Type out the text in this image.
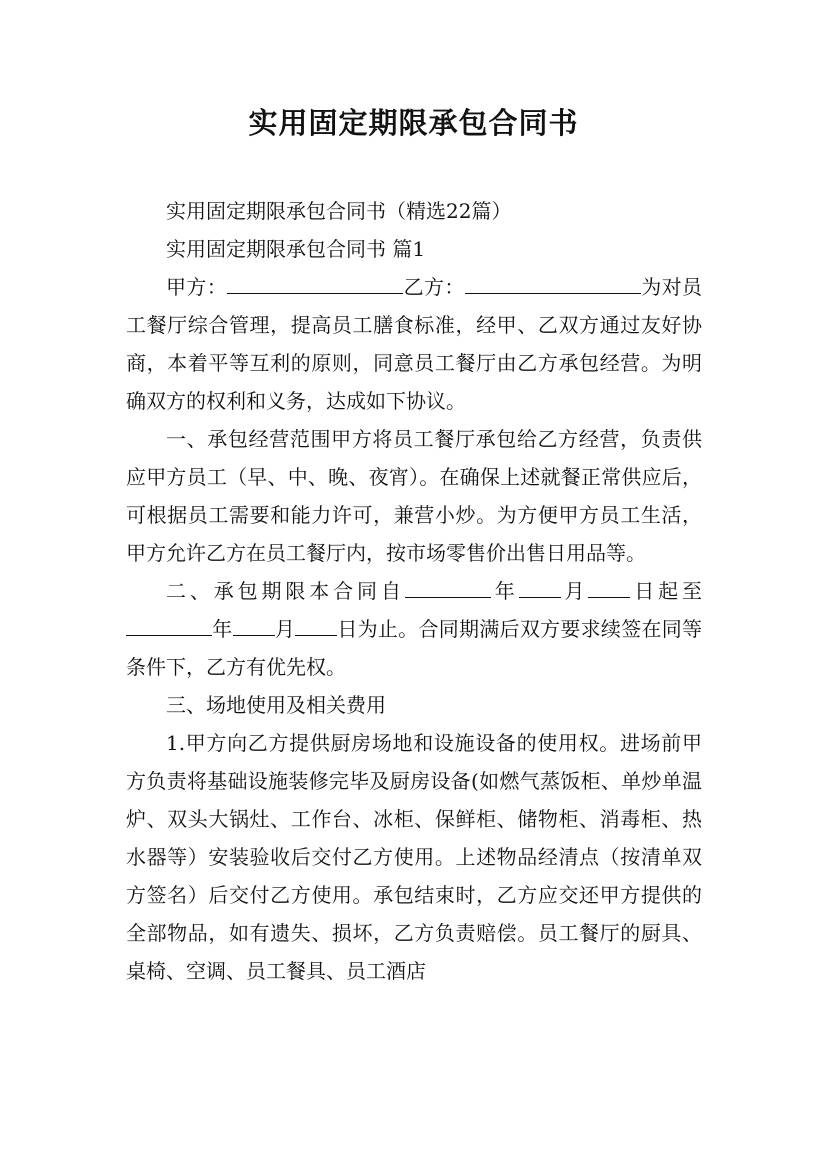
实用固定期限承包合同书

实用固定期限承包合同书（精选22篇）

实用固定期限承包合同书 篇1

甲方：	乙方：	为对员工餐厅综合管理，提高员工膳食标准，经甲、乙双方通过友好协商，本着平等互利的原则，同意员工餐厅由乙方承包经营。为明确双方的权利和义务，达成如下协议。

一、承包经营范围甲方将员工餐厅承包给乙方经营，负责供应甲方员工（早、中、晚、夜宵）。在确保上述就餐正常供应后，可根据员工需要和能力许可，兼营小炒。为方便甲方员工生活，甲方允许乙方在员工餐厅内，按市场零售价出售日用品等。

二、承包期限本合同自	年 月 日起至年 月 日为止。合同期满后双方要求续签在同等条件下，乙方有优先权。

三、场地使用及相关费用

1.甲方向乙方提供厨房场地和设施设备的使用权。进场前甲方负责将基础设施装修完毕及厨房设备(如燃气蒸饭柜、单炒单温炉、双头大锅灶、工作台、冰柜、保鲜柜、储物柜、消毒柜、热水器等）安装验收后交付乙方使用。上述物品经清点（按清单双方签名）后交付乙方使用。承包结束时，乙方应交还甲方提供的全部物品，如有遗失、损坏，乙方负责赔偿。员工餐厅的厨具、桌椅、空调、员工餐具、员工酒店
